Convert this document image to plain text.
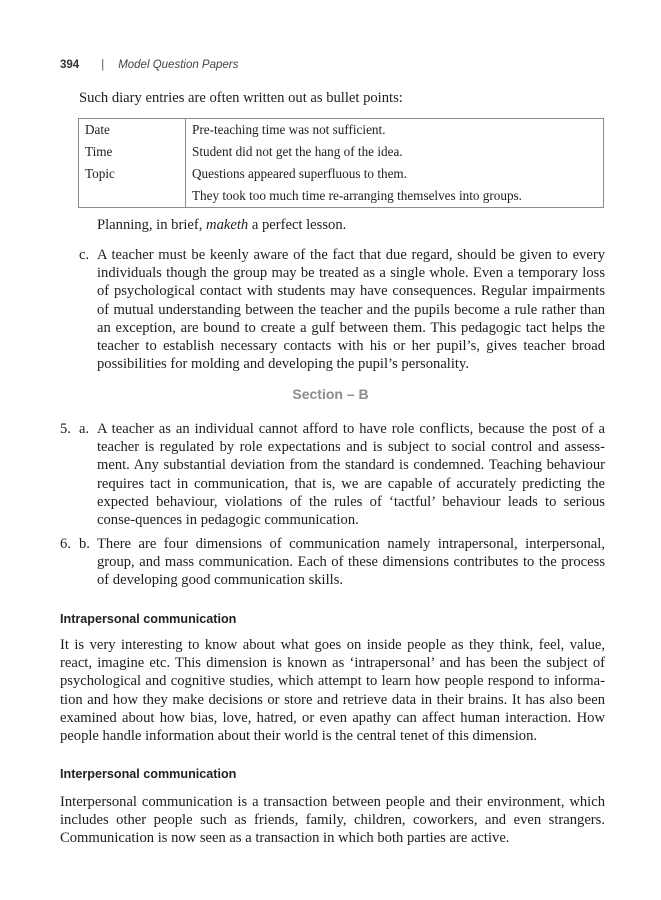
394 | Model Question Papers

Such diary entries are often written out as bullet points:

Date	Pre-teaching time was not sufficient.
Time	Student did not get the hang of the idea.
Topic	Questions appeared superfluous to them.
	They took too much time re-arranging themselves into groups.

Planning, in brief, maketh a perfect lesson.

c. A teacher must be keenly aware of the fact that due regard, should be given to every individuals though the group may be treated as a single whole. Even a temporary loss of psychological contact with students may have consequences. Regular impairments of mutual understanding between the teacher and the pupils become a rule rather than an exception, are bound to create a gulf between them. This pedagogic tact helps the teacher to establish necessary contacts with his or her pupil’s, gives teacher broad possibilities for molding and developing the pupil’s personality.

Section – B
5. a. A teacher as an individual cannot afford to have role conflicts, because the post of a teacher is regulated by role expectations and is subject to social control and assess-ment. Any substantial deviation from the standard is condemned. Teaching behaviour requires tact in communication, that is, we are capable of accurately predicting the expected behaviour, violations of the rules of ‘tactful’ behaviour leads to serious conse-quences in pedagogic communication.

6. b. There are four dimensions of communication namely intrapersonal, interpersonal, group, and mass communication. Each of these dimensions contributes to the process of developing good communication skills.

Intrapersonal communication

It is very interesting to know about what goes on inside people as they think, feel, value, react, imagine etc. This dimension is known as ‘intrapersonal’ and has been the subject of psychological and cognitive studies, which attempt to learn how people respond to informa-tion and how they make decisions or store and retrieve data in their brains. It has also been examined about how bias, love, hatred, or even apathy can affect human interaction. How people handle information about their world is the central tenet of this dimension.

Interpersonal communication

Interpersonal communication is a transaction between people and their environment, which includes other people such as friends, family, children, coworkers, and even strangers. Communication is now seen as a transaction in which both parties are active.
